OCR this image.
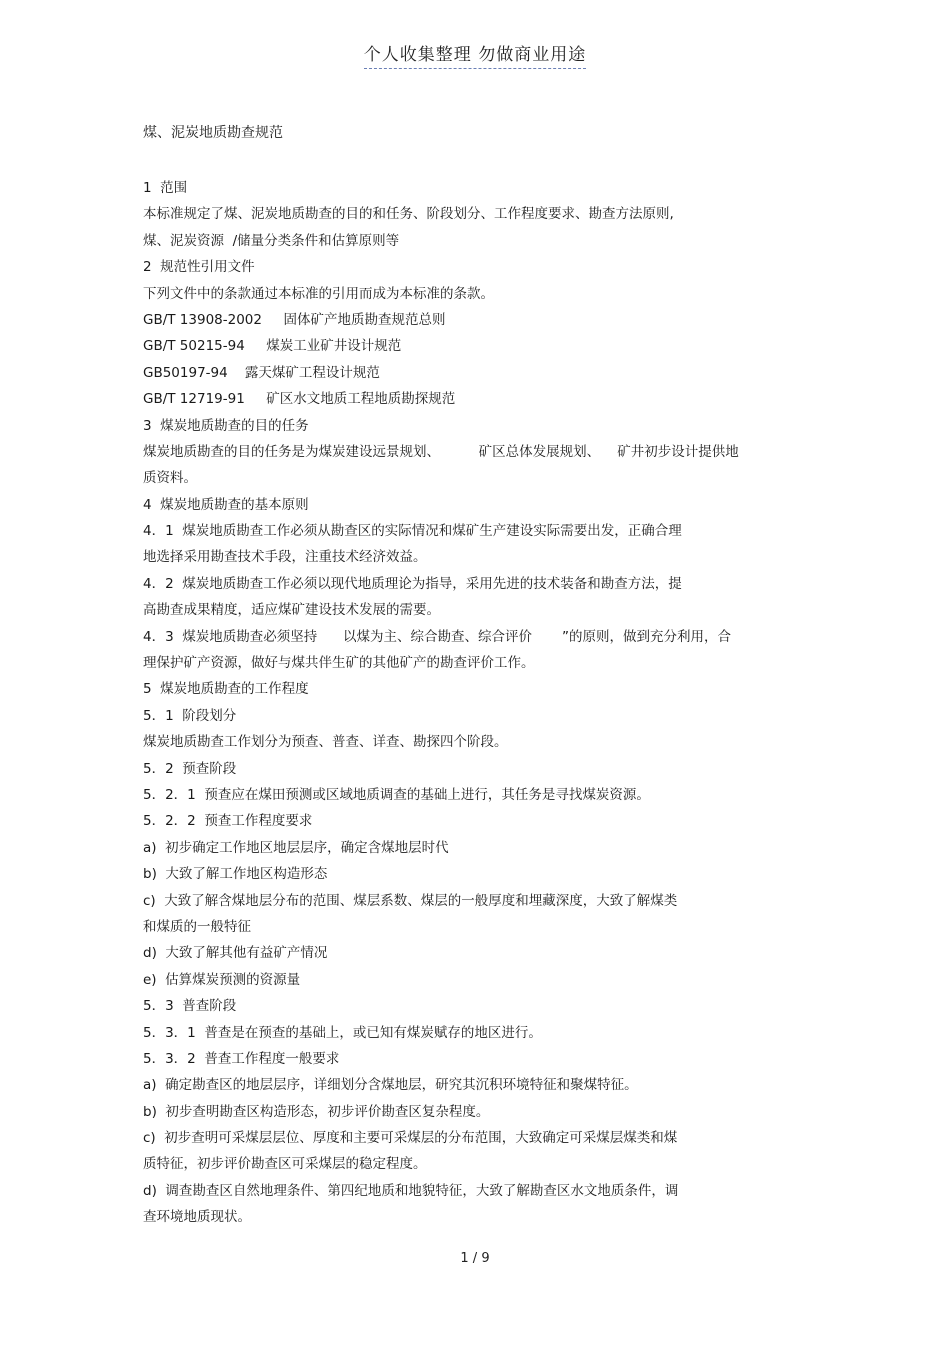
个人收集整理 勿做商业用途
煤、泥炭地质勘查规范
1  范围
本标准规定了煤、泥炭地质勘查的目的和任务、阶段划分、工作程度要求、勘查方法原则,
煤、泥炭资源  /储量分类条件和估算原则等
2  规范性引用文件
下列文件中的条款通过本标准的引用而成为本标准的条款。
GB/T 13908-2002     固体矿产地质勘查规范总则
GB/T 50215-94     煤炭工业矿井设计规范
GB50197-94    露天煤矿工程设计规范
GB/T 12719-91     矿区水文地质工程地质勘探规范
3  煤炭地质勘查的目的任务
煤炭地质勘查的目的任务是为煤炭建设远景规划、         矿区总体发展规划、    矿井初步设计提供地
质资料。
4  煤炭地质勘查的基本原则
4．1  煤炭地质勘查工作必须从勘查区的实际情况和煤矿生产建设实际需要出发，正确合理
地选择采用勘查技术手段，注重技术经济效益。
4．2  煤炭地质勘查工作必须以现代地质理论为指导，采用先进的技术装备和勘查方法，提
高勘查成果精度，适应煤矿建设技术发展的需要。
4．3  煤炭地质勘查必须坚持      以煤为主、综合勘查、综合评价       ”的原则，做到充分利用，合
理保护矿产资源，做好与煤共伴生矿的其他矿产的勘查评价工作。
5  煤炭地质勘查的工作程度
5．1  阶段划分
煤炭地质勘查工作划分为预查、普查、详查、勘探四个阶段。
5．2  预查阶段
5．2．1  预查应在煤田预测或区域地质调查的基础上进行，其任务是寻找煤炭资源。
5．2．2  预查工作程度要求
a)  初步确定工作地区地层层序，确定含煤地层时代
b)  大致了解工作地区构造形态
c)  大致了解含煤地层分布的范围、煤层系数、煤层的一般厚度和埋藏深度，大致了解煤类
和煤质的一般特征
d)  大致了解其他有益矿产情况
e)  估算煤炭预测的资源量
5．3  普查阶段
5．3．1  普查是在预查的基础上，或已知有煤炭赋存的地区进行。
5．3．2  普查工作程度一般要求
a)  确定勘查区的地层层序，详细划分含煤地层，研究其沉积环境特征和聚煤特征。
b)  初步查明勘查区构造形态，初步评价勘查区复杂程度。
c)  初步查明可采煤层层位、厚度和主要可采煤层的分布范围，大致确定可采煤层煤类和煤
质特征，初步评价勘查区可采煤层的稳定程度。
d)  调查勘查区自然地理条件、第四纪地质和地貌特征，大致了解勘查区水文地质条件，调
查环境地质现状。
1 / 9
